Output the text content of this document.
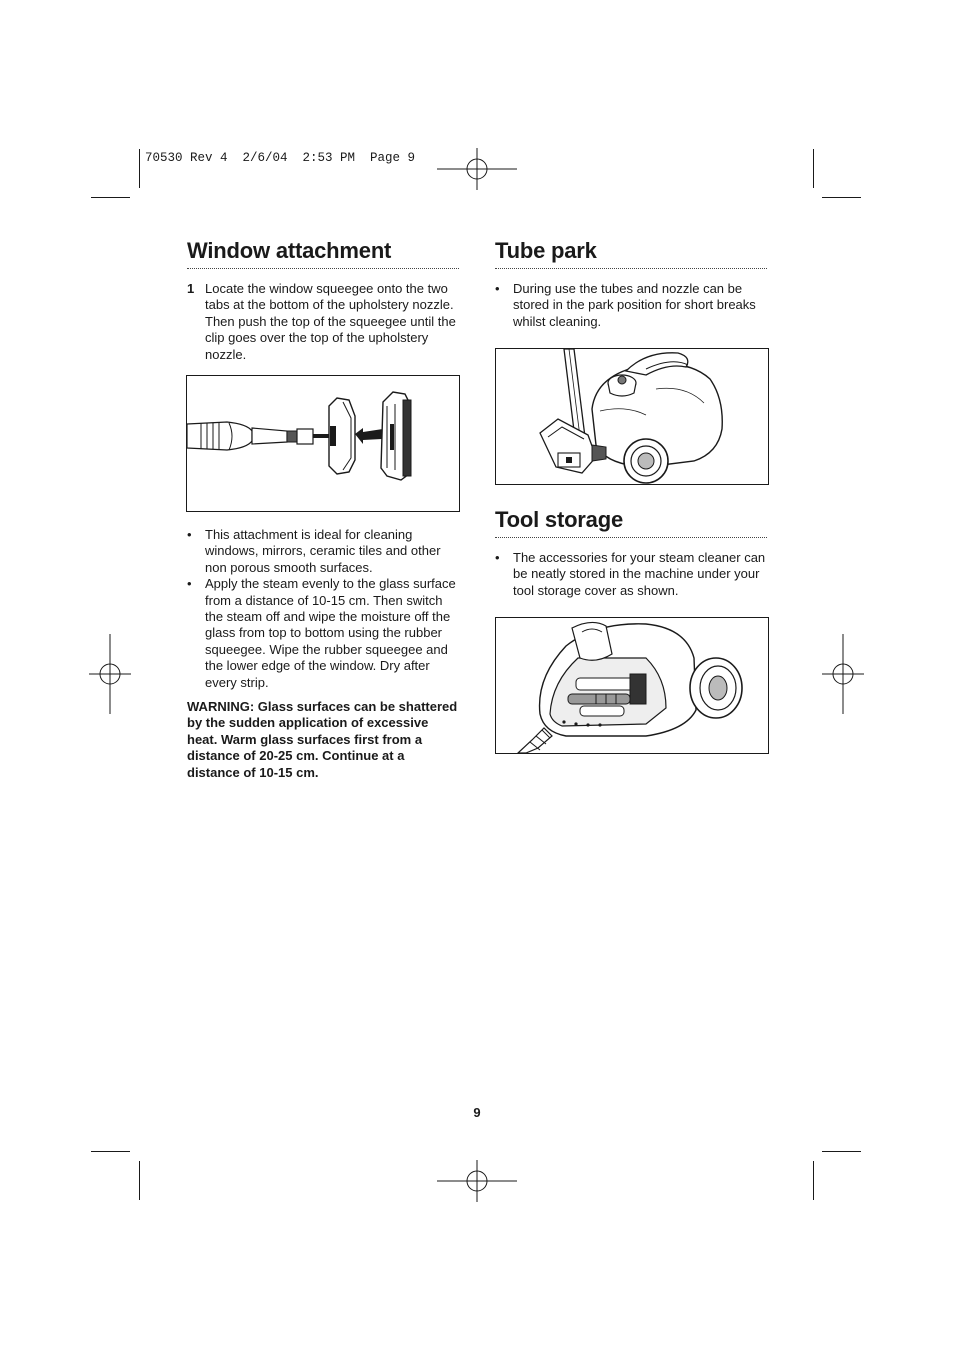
70530 Rev 4  2/6/04  2:53 PM  Page 9
Window attachment
1 Locate the window squeegee onto the two tabs at the bottom of the upholstery nozzle. Then push the top of the squeegee until the clip goes over the top of the upholstery nozzle.
• This attachment is ideal for cleaning windows, mirrors, ceramic tiles and other non porous smooth surfaces.
• Apply the steam evenly to the glass surface from a distance of 10-15 cm. Then switch the steam off and wipe the moisture off the glass from top to bottom using the rubber squeegee. Wipe the rubber squeegee and the lower edge of the window. Dry after every strip.
WARNING: Glass surfaces can be shattered by the sudden application of excessive heat. Warm glass surfaces first from a distance of 20-25 cm. Continue at a distance of 10-15 cm.
Tube park
• During use the tubes and nozzle can be stored in the park position for short breaks whilst cleaning.
Tool storage
• The accessories for your steam cleaner can be neatly stored in the machine under your tool storage cover as shown.
9
